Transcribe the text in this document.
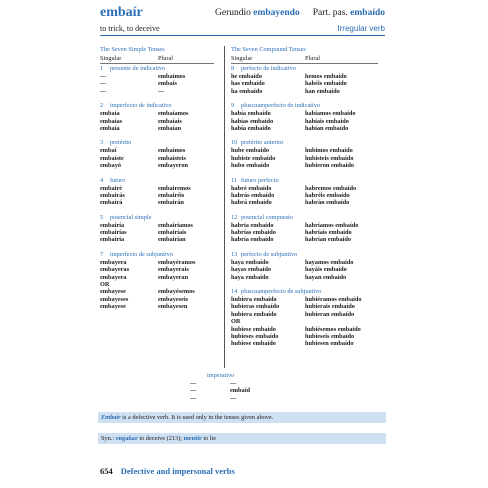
embaír	Gerundio embayendo Part. pas. embaído
to trick, to deceive	Irregular verb
The Seven Simple Tenses
Singular	Plural
1 presente de indicativo
—	embaímos
—	embaís
—	—
2 imperfecto de indicativo
embaía	embaíamos
embaías	embaíais
embaía	embaían
3 pretérito
embaí	embaímos
embaíste	embaísteis
embayó	embayeron
4 futuro
embairé	embairemos
embairás	embairéis
embairá	embairán
5 potencial simple
embairía	embairíamos
embairías	embairíais
embairía	embairían
7 imperfecto de subjuntivo
embayera	embayéramos
embayeras	embayerais
embayera	embayeran
OR
embayese	embayésemos
embayeses	embayeseis
embayese	embayesen
The Seven Compound Tenses
Singular	Plural
8 perfecto de indicativo
he embaído	hemos embaído
has embaído	habéis embaído
ha embaído	han embaído
9 pluscuamperfecto de indicativo
había embaído	habíamos embaído
habías embaído	habíais embaído
había embaído	habían embaído
10 pretérito anterior
hube embaído	hubimos embaído
hubiste embaído	hubisteis embaído
hubo embaído	hubieron embaído
11 futuro perfecto
habré embaído	habremos embaído
habrás embaído	habréis embaído
habrá embaído	habrán embaído
12 potencial compuesto
habría embaído	habríamos embaído
habrías embaído	habríais embaído
habría embaído	habrían embaído
13 perfecto de subjuntivo
haya embaído	hayamos embaído
hayas embaído	hayáis embaído
haya embaído	hayan embaído
14 pluscuamperfecto de subjuntivo
hubiera embaído	hubiéramos embaído
hubieras embaído	hubierais embaído
hubiera embaído	hubieran embaído
OR
hubiese embaído	hubiésemos embaído
hubieses embaído	hubieseis embaído
hubiese embaído	hubiesen embaído
imperativo
—	—
—	embaíd
—	—
Embaír is a defective verb. It is used only in the tenses given above.
Syn.: engañar to deceive (213); mentir to lie
654 Defective and impersonal verbs
